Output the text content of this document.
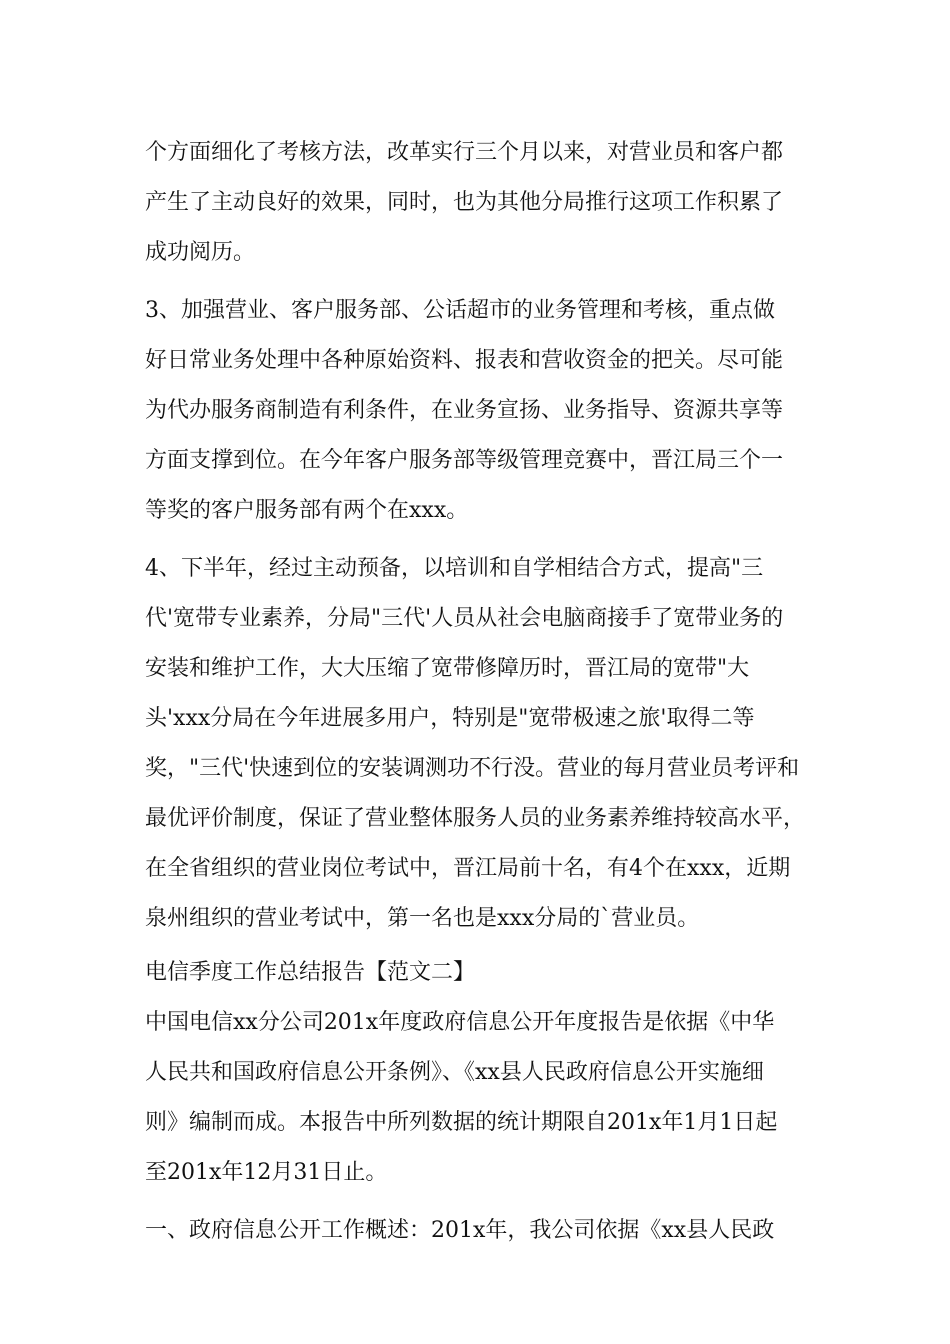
个方面细化了考核方法，改革实行三个月以来，对营业员和客户都
产生了主动良好的效果，同时，也为其他分局推行这项工作积累了
成功阅历。
3、加强营业、客户服务部、公话超市的业务管理和考核，重点做
好日常业务处理中各种原始资料、报表和营收资金的把关。尽可能
为代办服务商制造有利条件，在业务宣扬、业务指导、资源共享等
方面支撑到位。在今年客户服务部等级管理竞赛中，晋江局三个一
等奖的客户服务部有两个在xxx。
4、下半年，经过主动预备，以培训和自学相结合方式，提高"三
代'宽带专业素养，分局"三代'人员从社会电脑商接手了宽带业务的
安装和维护工作，大大压缩了宽带修障历时，晋江局的宽带"大
头'xxx分局在今年进展多用户，特别是"宽带极速之旅'取得二等
奖，"三代'快速到位的安装调测功不行没。营业的每月营业员考评和
最优评价制度，保证了营业整体服务人员的业务素养维持较高水平，
在全省组织的营业岗位考试中，晋江局前十名，有4个在xxx，近期
泉州组织的营业考试中，第一名也是xxx分局的`营业员。
电信季度工作总结报告【范文二】
中国电信xx分公司201x年度政府信息公开年度报告是依据《中华
人民共和国政府信息公开条例》、《xx县人民政府信息公开实施细
则》编制而成。本报告中所列数据的统计期限自201x年1月1日起
至201x年12月31日止。
一、政府信息公开工作概述：201x年，我公司依据《xx县人民政
